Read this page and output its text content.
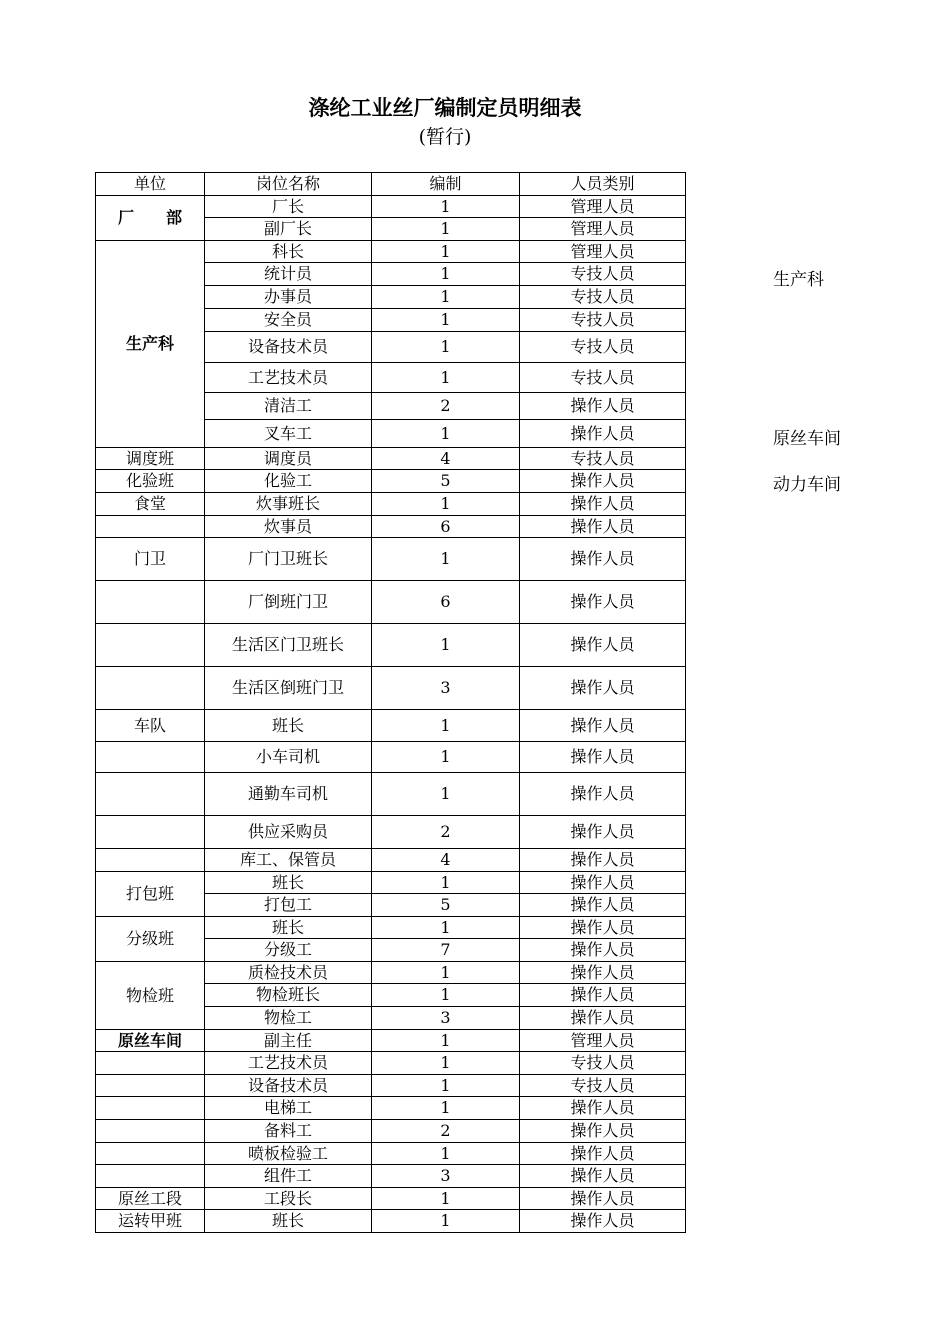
涤纶工业丝厂编制定员明细表
(暂行)
单位	岗位名称	编制	人员类别
厂　　部	厂长	1	管理人员
	副厂长	1	管理人员
生产科	科长	1	管理人员
	统计员	1	专技人员
	办事员	1	专技人员
	安全员	1	专技人员
	设备技术员	1	专技人员
	工艺技术员	1	专技人员
	清洁工	2	操作人员
	叉车工	1	操作人员
调度班	调度员	4	专技人员
化验班	化验工	5	操作人员
食堂	炊事班长	1	操作人员
	炊事员	6	操作人员
门卫	厂门卫班长	1	操作人员
	厂倒班门卫	6	操作人员
	生活区门卫班长	1	操作人员
	生活区倒班门卫	3	操作人员
车队	班长	1	操作人员
	小车司机	1	操作人员
	通勤车司机	1	操作人员
	供应采购员	2	操作人员
	库工、保管员	4	操作人员
打包班	班长	1	操作人员
	打包工	5	操作人员
分级班	班长	1	操作人员
	分级工	7	操作人员
物检班	质检技术员	1	操作人员
	物检班长	1	操作人员
	物检工	3	操作人员
原丝车间	副主任	1	管理人员
	工艺技术员	1	专技人员
	设备技术员	1	专技人员
	电梯工	1	操作人员
	备料工	2	操作人员
	喷板检验工	1	操作人员
	组件工	3	操作人员
原丝工段	工段长	1	操作人员
运转甲班	班长	1	操作人员
生产科
原丝车间
动力车间
